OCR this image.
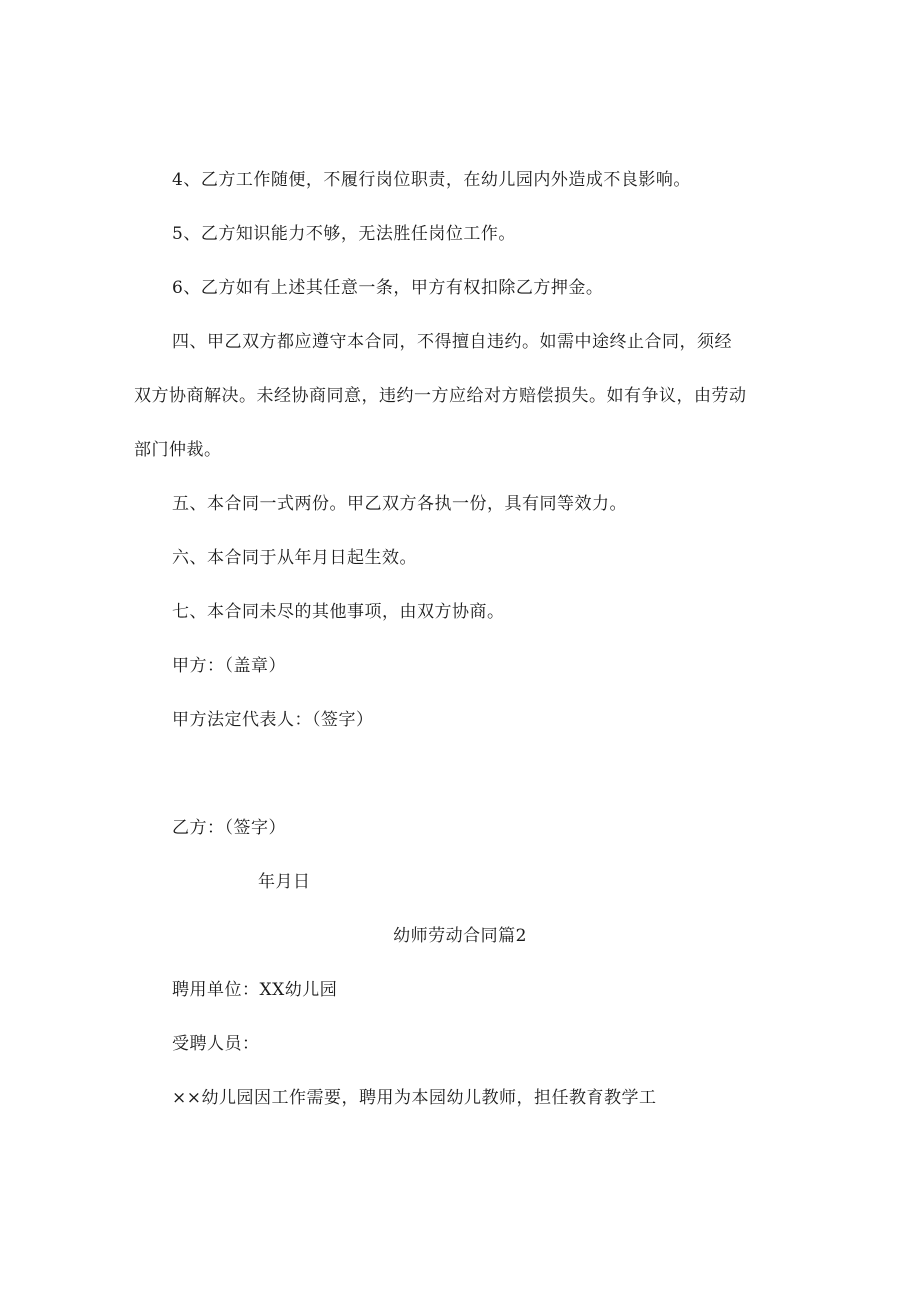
4、乙方工作随便，不履行岗位职责，在幼儿园内外造成不良影响。
5、乙方知识能力不够，无法胜任岗位工作。
6、乙方如有上述其任意一条，甲方有权扣除乙方押金。
四、甲乙双方都应遵守本合同，不得擅自违约。如需中途终止合同，须经
双方协商解决。未经协商同意，违约一方应给对方赔偿损失。如有争议，由劳动
部门仲裁。
五、本合同一式两份。甲乙双方各执一份，具有同等效力。
六、本合同于从年月日起生效。
七、本合同未尽的其他事项，由双方协商。
甲方：（盖章）
甲方法定代表人：（签字）
乙方：（签字）
年月日
幼师劳动合同篇2
聘用单位：XX幼儿园
受聘人员：
××幼儿园因工作需要，聘用为本园幼儿教师，担任教育教学工
